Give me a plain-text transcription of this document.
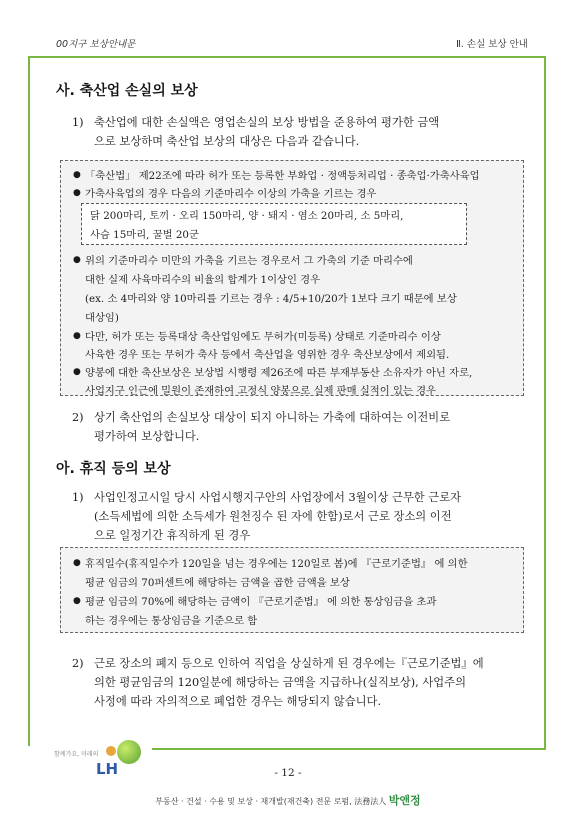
00지구 보상안내문	Ⅱ. 손실 보상 안내
사. 축산업 손실의 보상
1) 축산업에 대한 손실액은 영업손실의 보상 방법을 준용하여 평가한 금액
으로 보상하며 축산업 보상의 대상은 다음과 같습니다.
● 「축산법」 제22조에 따라 허가 또는 등록한 부화업 · 정액등처리업 · 종축업·가축사육업
● 가축사육업의 경우 다음의 기준마리수 이상의 가축을 기르는 경우
닭 200마리, 토끼 · 오리 150마리, 양 · 돼지 · 염소 20마리, 소 5마리,
사슴 15마리, 꿀벌 20군
● 위의 기준마리수 미만의 가축을 기르는 경우로서 그 가축의 기준 마리수에
대한 실제 사육마리수의 비율의 합계가 1이상인 경우
(ex. 소 4마리와 양 10마리를 기르는 경우 : 4/5+10/20가 1보다 크기 때문에 보상
대상임)
● 다만, 허가 또는 등록대상 축산업임에도 무허가(미등록) 상태로 기준마리수 이상
사육한 경우 또는 무허가 축사 등에서 축산업을 영위한 경우 축산보상에서 제외됨.
● 양봉에 대한 축산보상은 보상법 시행령 제26조에 따른 부재부동산 소유자가 아닌 자로,
사업지구 인근에 밀원이 존재하여 고정식 양봉으로 실제 판매 실적이 있는 경우
2) 상기 축산업의 손실보상 대상이 되지 아니하는 가축에 대하여는 이전비로
평가하여 보상합니다.
아. 휴직 등의 보상
1) 사업인정고시일 당시 사업시행지구안의 사업장에서 3월이상 근무한 근로자
(소득세법에 의한 소득세가 원천징수 된 자에 한함)로서 근로 장소의 이전
으로 일정기간 휴직하게 된 경우
● 휴직일수(휴직일수가 120일을 넘는 경우에는 120일로 봄)에 『근로기준법』 에 의한
평균 임금의 70퍼센트에 해당하는 금액을 곱한 금액을 보상
● 평균 임금의 70%에 해당하는 금액이 『근로기준법』 에 의한 통상임금을 초과
하는 경우에는 통상임금을 기준으로 함
2) 근로 장소의 폐지 등으로 인하여 직업을 상실하게 된 경우에는『근로기준법』에
의한 평균임금의 120일분에 해당하는 금액을 지급하나(실직보상), 사업주의
사정에 따라 자의적으로 폐업한 경우는 해당되지 않습니다.
함께가요, 미래의
LH	- 12 -
부동산 · 건설 · 수용 및 보상 · 재개발(재건축) 전문 로펌, 法務法人 박앤정
